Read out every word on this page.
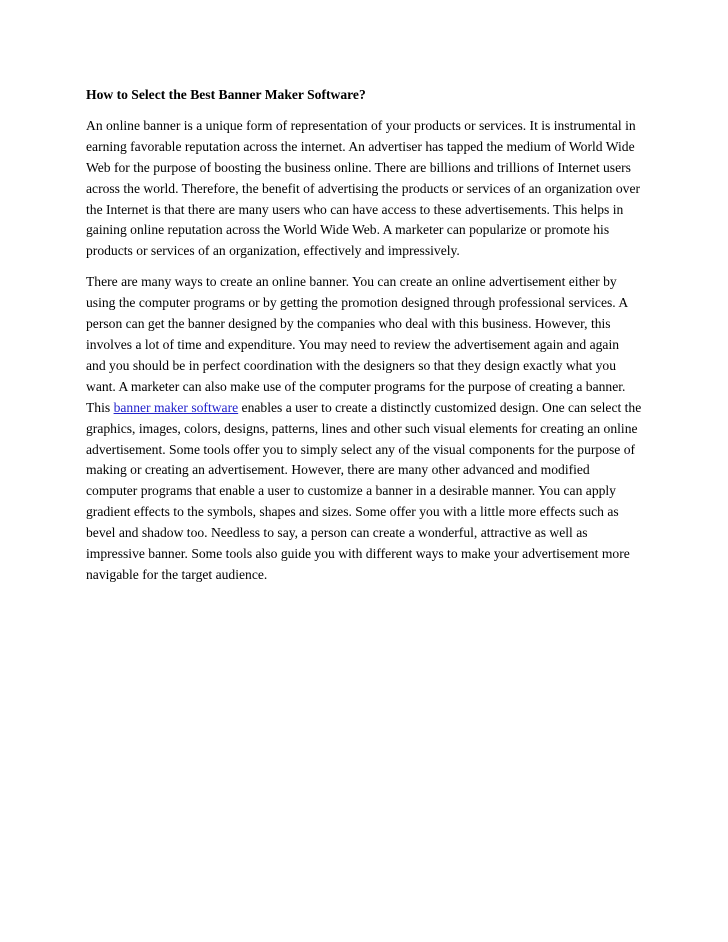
How to Select the Best Banner Maker Software?

An online banner is a unique form of representation of your products or services. It is instrumental in earning favorable reputation across the internet. An advertiser has tapped the medium of World Wide Web for the purpose of boosting the business online. There are billions and trillions of Internet users across the world. Therefore, the benefit of advertising the products or services of an organization over the Internet is that there are many users who can have access to these advertisements. This helps in gaining online reputation across the World Wide Web. A marketer can popularize or promote his products or services of an organization, effectively and impressively.

There are many ways to create an online banner. You can create an online advertisement either by using the computer programs or by getting the promotion designed through professional services. A person can get the banner designed by the companies who deal with this business. However, this involves a lot of time and expenditure. You may need to review the advertisement again and again and you should be in perfect coordination with the designers so that they design exactly what you want. A marketer can also make use of the computer programs for the purpose of creating a banner. This banner maker software enables a user to create a distinctly customized design. One can select the graphics, images, colors, designs, patterns, lines and other such visual elements for creating an online advertisement. Some tools offer you to simply select any of the visual components for the purpose of making or creating an advertisement. However, there are many other advanced and modified computer programs that enable a user to customize a banner in a desirable manner. You can apply gradient effects to the symbols, shapes and sizes. Some offer you with a little more effects such as bevel and shadow too. Needless to say, a person can create a wonderful, attractive as well as impressive banner. Some tools also guide you with different ways to make your advertisement more navigable for the target audience.
